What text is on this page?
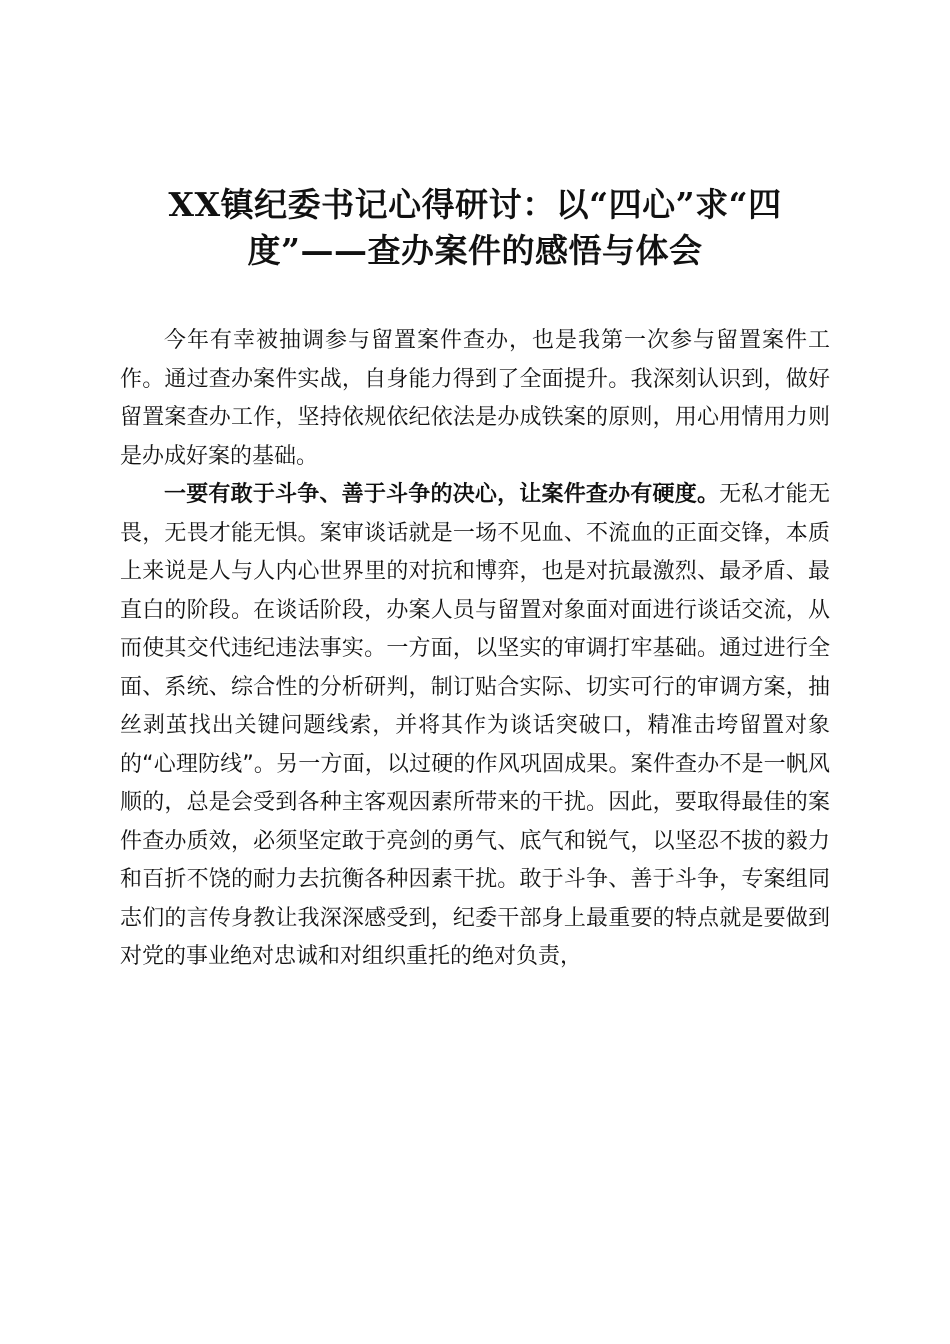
XX镇纪委书记心得研讨：以“四心”求“四
度”——查办案件的感悟与体会

今年有幸被抽调参与留置案件查办，也是我第一次参与留置案件工作。通过查办案件实战，自身能力得到了全面提升。我深刻认识到，做好留置案查办工作，坚持依规依纪依法是办成铁案的原则，用心用情用力则是办成好案的基础。

一要有敢于斗争、善于斗争的决心，让案件查办有硬度。无私才能无畏，无畏才能无惧。案审谈话就是一场不见血、不流血的正面交锋，本质上来说是人与人内心世界里的对抗和博弈，也是对抗最激烈、最矛盾、最直白的阶段。在谈话阶段，办案人员与留置对象面对面进行谈话交流，从而使其交代违纪违法事实。一方面，以坚实的审调打牢基础。通过进行全面、系统、综合性的分析研判，制订贴合实际、切实可行的审调方案，抽丝剥茧找出关键问题线索，并将其作为谈话突破口，精准击垮留置对象的“心理防线”。另一方面，以过硬的作风巩固成果。案件查办不是一帆风顺的，总是会受到各种主客观因素所带来的干扰。因此，要取得最佳的案件查办质效，必须坚定敢于亮剑的勇气、底气和锐气，以坚忍不拔的毅力和百折不饶的耐力去抗衡各种因素干扰。敢于斗争、善于斗争，专案组同志们的言传身教让我深深感受到，纪委干部身上最重要的特点就是要做到对党的事业绝对忠诚和对组织重托的绝对负责，
